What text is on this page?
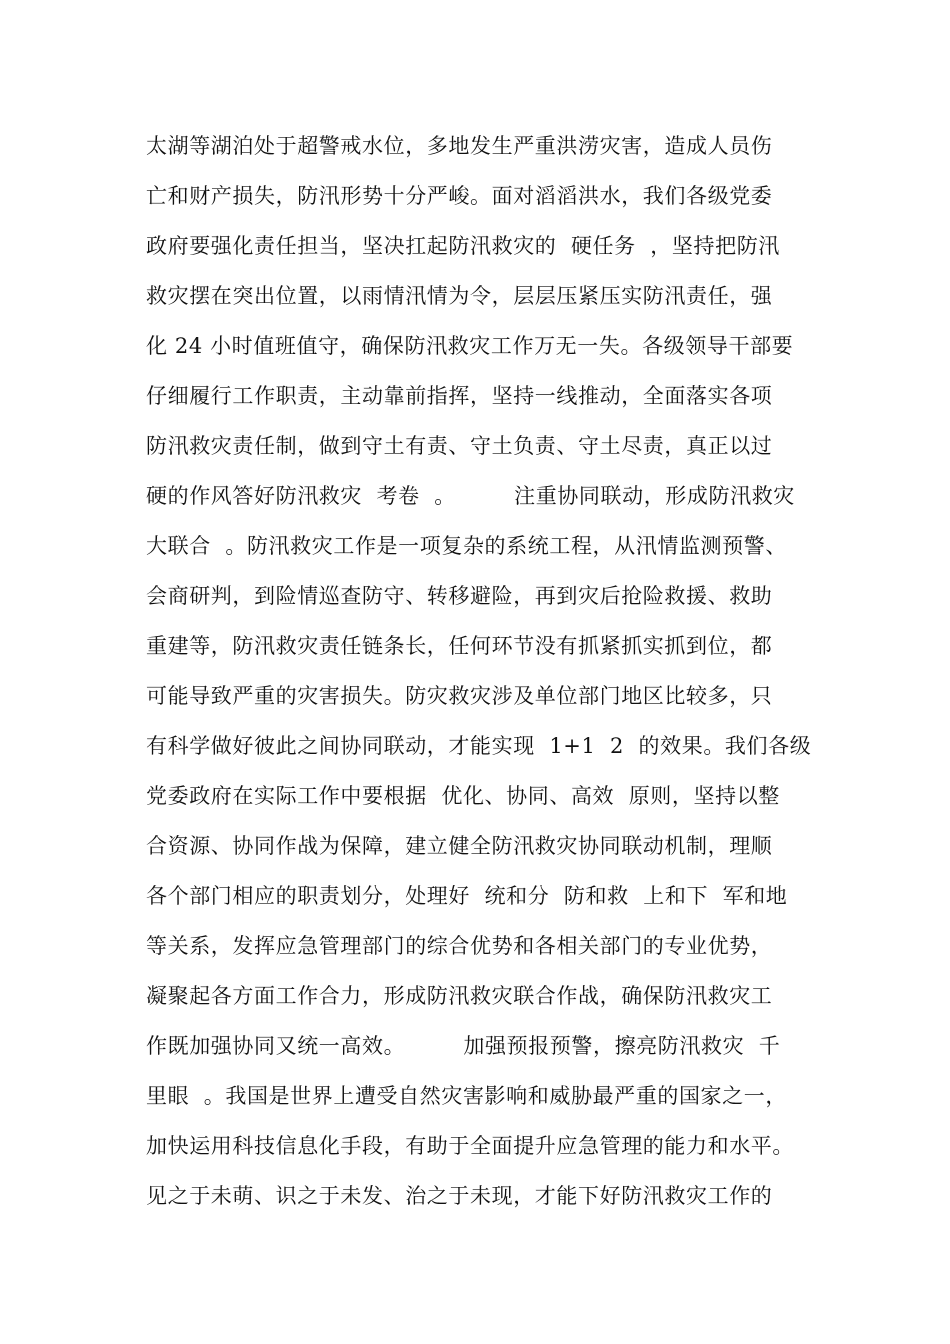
太湖等湖泊处于超警戒水位，多地发生严重洪涝灾害，造成人员伤
亡和财产损失，防汛形势十分严峻。面对滔滔洪水，我们各级党委
政府要强化责任担当，坚决扛起防汛救灾的  硬任务  ，坚持把防汛
救灾摆在突出位置，以雨情汛情为令，层层压紧压实防汛责任，强
化 24 小时值班值守，确保防汛救灾工作万无一失。各级领导干部要
仔细履行工作职责，主动靠前指挥，坚持一线推动，全面落实各项
防汛救灾责任制，做到守土有责、守土负责、守土尽责，真正以过
硬的作风答好防汛救灾  考卷  。        注重协同联动，形成防汛救灾
大联合  。防汛救灾工作是一项复杂的系统工程，从汛情监测预警、
会商研判，到险情巡查防守、转移避险，再到灾后抢险救援、救助
重建等，防汛救灾责任链条长，任何环节没有抓紧抓实抓到位，都
可能导致严重的灾害损失。防灾救灾涉及单位部门地区比较多，只
有科学做好彼此之间协同联动，才能实现  1+1  2  的效果。我们各级
党委政府在实际工作中要根据  优化、协同、高效  原则，坚持以整
合资源、协同作战为保障，建立健全防汛救灾协同联动机制，理顺
各个部门相应的职责划分，处理好  统和分  防和救  上和下  军和地
等关系，发挥应急管理部门的综合优势和各相关部门的专业优势，
凝聚起各方面工作合力，形成防汛救灾联合作战，确保防汛救灾工
作既加强协同又统一高效。        加强预报预警，擦亮防汛救灾  千
里眼  。我国是世界上遭受自然灾害影响和威胁最严重的国家之一，
加快运用科技信息化手段，有助于全面提升应急管理的能力和水平。
见之于未萌、识之于未发、治之于未现，才能下好防汛救灾工作的
